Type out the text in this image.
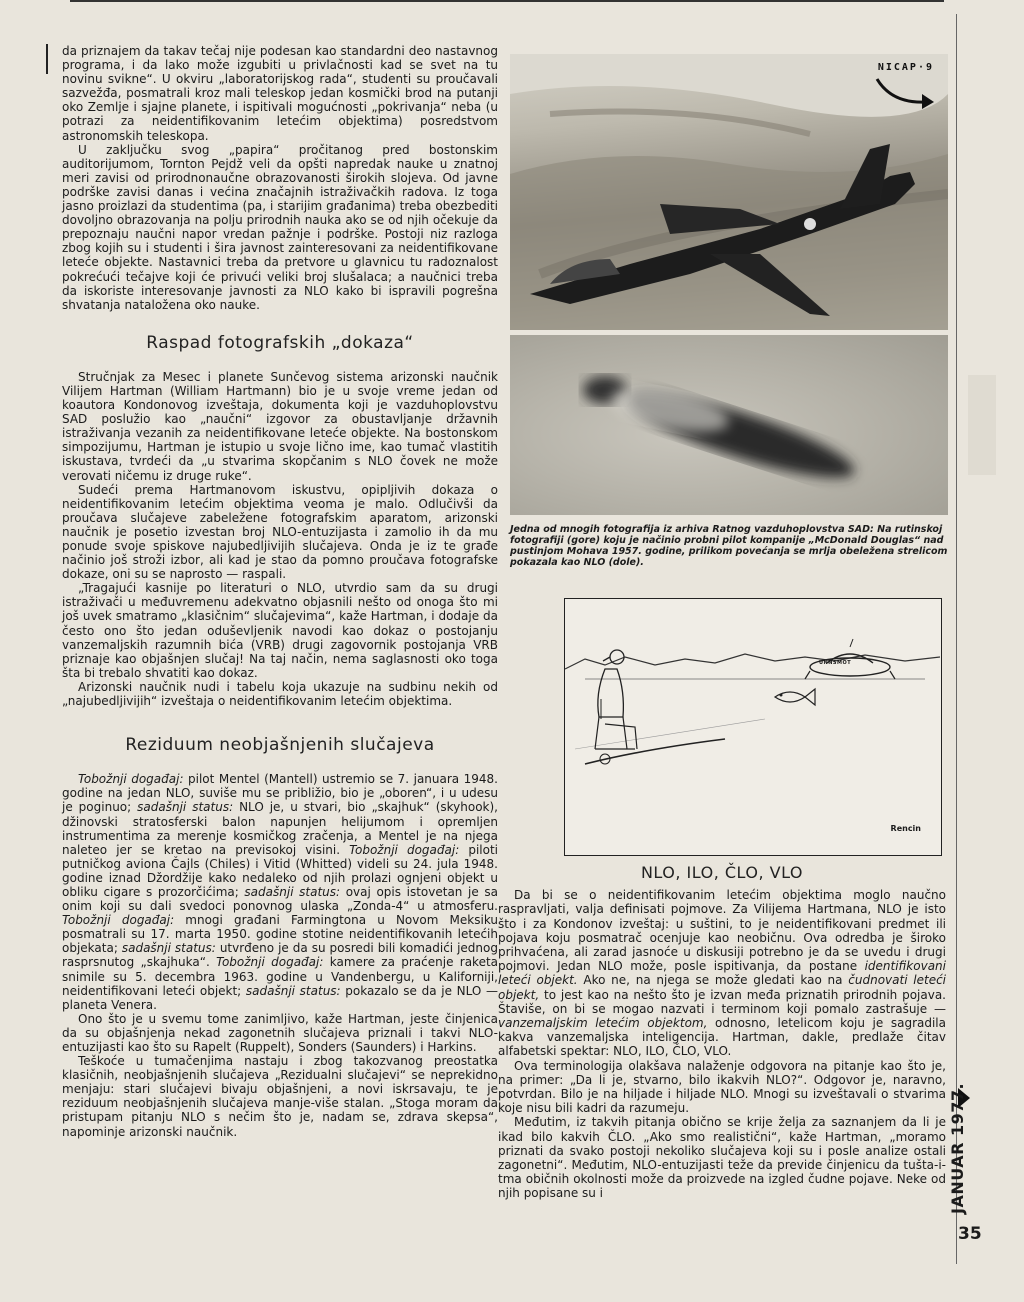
da priznajem da takav tečaj nije podesan kao standardni deo nastavnog programa, i da lako može izgubiti u privlačnosti kad se svet na tu novinu svikne“. U okviru „laboratorijskog rada“, studenti su proučavali sazvežđa, posmatrali kroz mali teleskop jedan kosmički brod na putanji oko Zemlje i sjajne planete, i ispitivali mogućnosti „pokrivanja“ neba (u potrazi za neidentifikovanim letećim objektima) posredstvom astronomskih teleskopa.

U zaključku svog „papira“ pročitanog pred bostonskim auditorijumom, Tornton Pejdž veli da opšti napredak nauke u znatnoj meri zavisi od prirodnonaučne obrazovanosti širokih slojeva. Od javne podrške zavisi danas i većina značajnih istraživačkih radova. Iz toga jasno proizlazi da studentima (pa, i starijim građanima) treba obezbediti dovoljno obrazovanja na polju prirodnih nauka ako se od njih očekuje da prepoznaju naučni napor vredan pažnje i podrške. Postoji niz razloga zbog kojih su i studenti i šira javnost zainteresovani za neidentifikovane leteće objekte. Nastavnici treba da pretvore u glavnicu tu radoznalost pokrećući tečajve koji će privući veliki broj slušalaca; a naučnici treba da iskoriste interesovanje javnosti za NLO kako bi ispravili pogrešna shvatanja nataložena oko nauke.

Raspad fotografskih „dokaza“

Stručnjak za Mesec i planete Sunčevog sistema arizonski naučnik Vilijem Hartman (William Hartmann) bio je u svoje vreme jedan od koautora Kondonovog izveštaja, dokumenta koji je vazduhoplovstvu SAD poslužio kao „naučni“ izgovor za obustavljanje državnih istraživanja vezanih za neidentifikovane leteće objekte. Na bostonskom simpozijumu, Hartman je istupio u svoje lično ime, kao tumač vlastitih iskustava, tvrdeći da „u stvarima skopčanim s NLO čovek ne može verovati ničemu iz druge ruke“.

Sudeći prema Hartmanovom iskustvu, opipljivih dokaza o neidentifikovanim letećim objektima veoma je malo. Odlučivši da proučava slučajeve zabeležene fotografskim aparatom, arizonski naučnik je posetio izvestan broj NLO-entuzijasta i zamolio ih da mu ponude svoje spiskove najubedljivijih slučajeva. Onda je iz te građe načinio još stroži izbor, ali kad je stao da pomno proučava fotografske dokaze, oni su se naprosto — raspali.

„Tragajući kasnije po literaturi o NLO, utvrdio sam da su drugi istraživači u međuvremenu adekvatno objasnili nešto od onoga što mi još uvek smatramo „klasičnim“ slučajevima“, kaže Hartman, i dodaje da često ono što jedan oduševljenik navodi kao dokaz o postojanju vanzemaljskih razumnih bića (VRB) drugi zagovornik postojanja VRB priznaje kao objašnjen slučaj! Na taj način, nema saglasnosti oko toga šta bi trebalo shvatiti kao dokaz.

Arizonski naučnik nudi i tabelu koja ukazuje na sudbinu nekih od „najubedljivijih“ izveštaja o neidentifikovanim letećim objektima.

Reziduum neobjašnjenih slučajeva

Tobožnji događaj: pilot Mentel (Mantell) ustremio se 7. januara 1948. godine na jedan NLO, suviše mu se približio, bio je „oboren“, i u udesu je poginuo; sadašnji status: NLO je, u stvari, bio „skajhuk“ (skyhook), džinovski stratosferski balon napunjen helijumom i opremljen instrumentima za merenje kosmičkog zračenja, a Mentel je na njega naleteo jer se kretao na previsokoj visini. Tobožnji događaj: piloti putničkog aviona Čajls (Chiles) i Vitid (Whitted) videli su 24. jula 1948. godine iznad Džordžije kako nedaleko od njih prolazi ognjeni objekt u obliku cigare s prozorčićima; sadašnji status: ovaj opis istovetan je sa onim koji su dali svedoci ponovnog ulaska „Zonda-4“ u atmosferu. Tobožnji događaj: mnogi građani Farmingtona u Novom Meksiku posmatrali su 17. marta 1950. godine stotine neidentifikovanih letećih objekata; sadašnji status: utvrđeno je da su posredi bili komadići jednog rasprsnutog „skajhuka“. Tobožnji događaj: kamere za praćenje raketa snimile su 5. decembra 1963. godine u Vandenbergu, u Kaliforniji, neidentifikovani leteći objekt; sadašnji status: pokazalo se da je NLO — planeta Venera.

Ono što je u svemu tome zanimljivo, kaže Hartman, jeste činjenica da su objašnjenja nekad zagonetnih slučajeva priznali i takvi NLO-entuzijasti kao što su Rapelt (Ruppelt), Sonders (Saunders) i Harkins.

Teškoće u tumačenjima nastaju i zbog takozvanog preostatka klasičnih, neobjašnjenih slučajeva „Rezidualni slučajevi“ se neprekidno menjaju: stari slučajevi bivaju objašnjeni, a novi iskrsavaju, te je reziduum neobjašnjenih slučajeva manje-više stalan. „Stoga moram da pristupam pitanju NLO s nečim što je, nadam se, zdrava skepsa“, napominje arizonski naučnik.

NICAP·9
Jedna od mnogih fotografija iz arhiva Ratnog vazduhoplovstva SAD: Na rutinskoj fotografiji (gore) koju je načinio probni pilot kompanije „McDonald Douglas“ nad pustinjom Mohava 1957. godine, prilikom povećanja se mrlja obeležena strelicom pokazala kao NLO (dole).
UNNSMOT
Rencin
NLO, ILO, ČLO, VLO

Da bi se o neidentifikovanim letećim objektima moglo naučno raspravljati, valja definisati pojmove. Za Vilijema Hartmana, NLO je isto što i za Kondonov izveštaj: u suštini, to je neidentifikovani predmet ili pojava koju posmatrač ocenjuje kao neobičnu. Ova odredba je široko prihvaćena, ali zarad jasnoće u diskusiji potrebno je da se uvedu i drugi pojmovi. Jedan NLO može, posle ispitivanja, da postane identifikovani leteći objekt. Ako ne, na njega se može gledati kao na čudnovati leteći objekt, to jest kao na nešto što je izvan međa priznatih prirodnih pojava. Štaviše, on bi se mogao nazvati i terminom koji pomalo zastrašuje — vanzemaljskim letećim objektom, odnosno, letelicom koju je sagradila kakva vanzemaljska inteligencija. Hartman, dakle, predlaže čitav alfabetski spektar: NLO, ILO, ČLO, VLO.

Ova terminologija olakšava nalaženje odgovora na pitanje kao što je, na primer: „Da li je, stvarno, bilo ikakvih NLO?“. Odgovor je, naravno, potvrdan. Bilo je na hiljade i hiljade NLO. Mnogi su izveštavali o stvarima koje nisu bili kadri da razumeju.

Međutim, iz takvih pitanja obično se krije želja za saznanjem da li je ikad bilo kakvih ČLO. „Ako smo realistični“, kaže Hartman, „moramo priznati da svako postoji nekoliko slučajeva koji su i posle analize ostali zagonetni“. Međutim, NLO-entuzijasti teže da previde činjenicu da tušta-i-tma običnih okolnosti može da proizvede na izgled čudne pojave. Neke od njih popisane su i	JANUAR 1977.
35
